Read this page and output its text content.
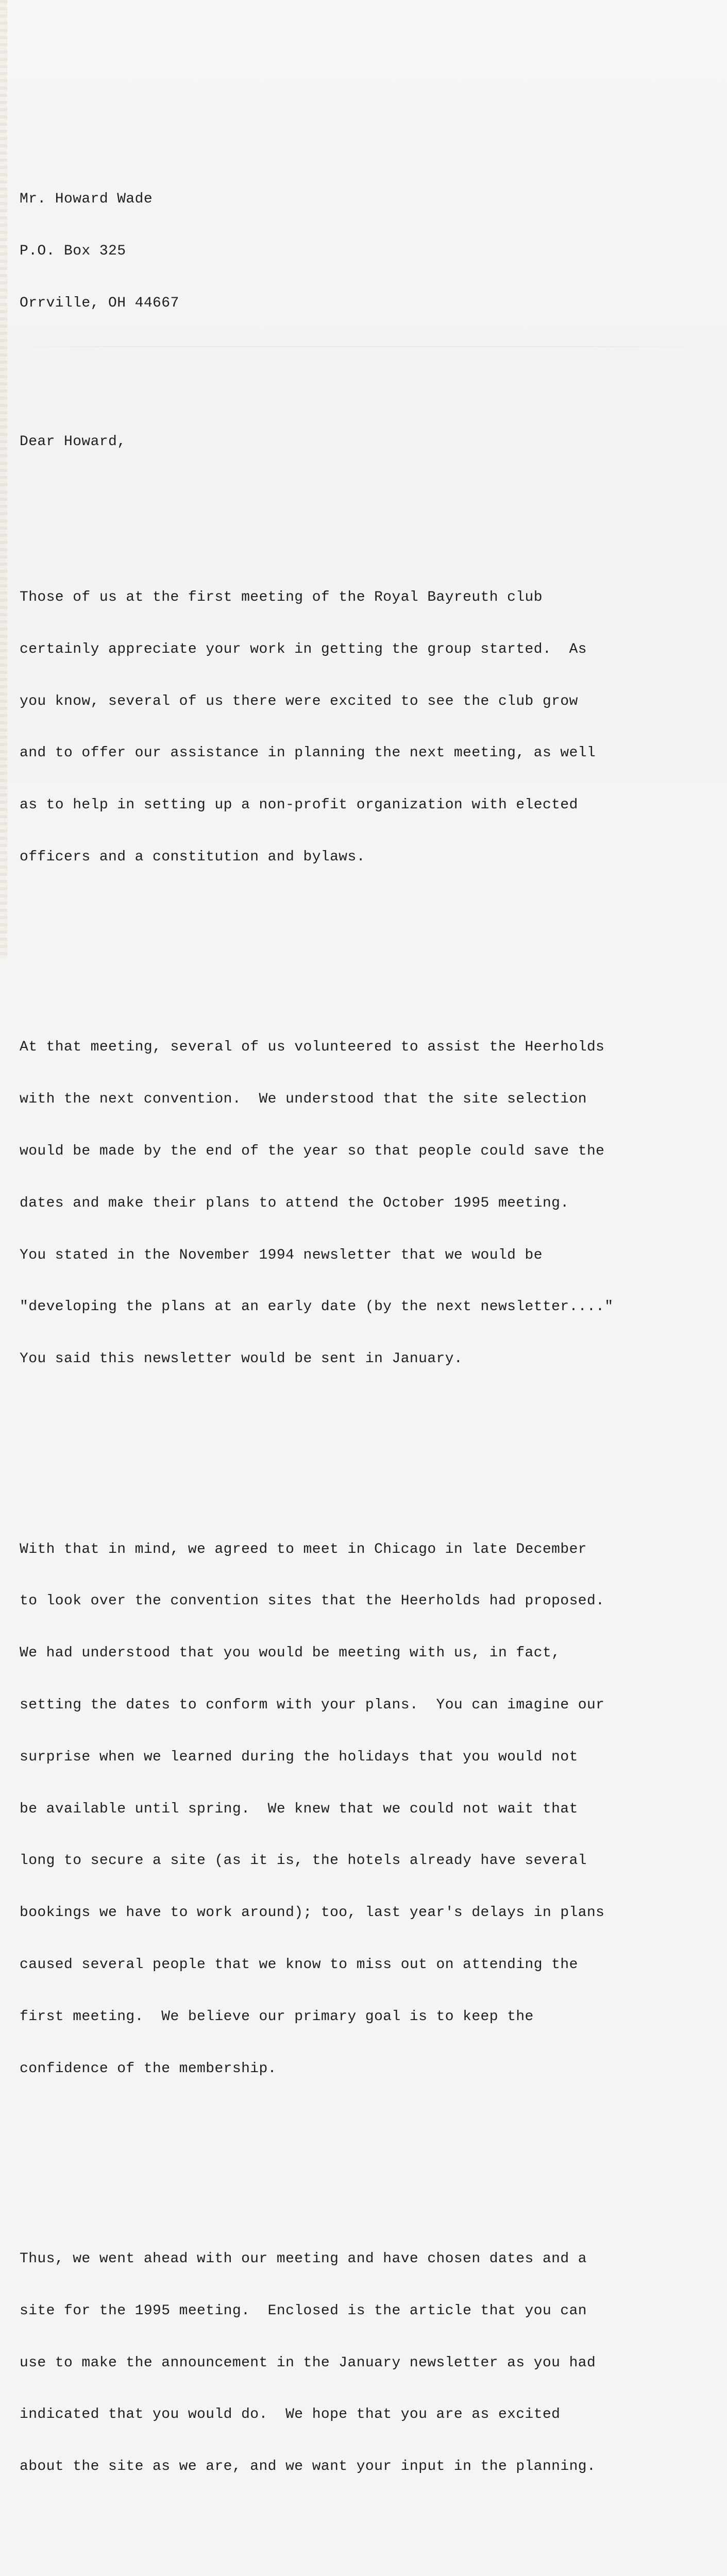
Mr. Howard Wade

P.O. Box 325

Orrville, OH 44667

Dear Howard,

Those of us at the first meeting of the Royal Bayreuth club

certainly appreciate your work in getting the group started.  As

you know, several of us there were excited to see the club grow

and to offer our assistance in planning the next meeting, as well

as to help in setting up a non-profit organization with elected

officers and a constitution and bylaws.

At that meeting, several of us volunteered to assist the Heerholds

with the next convention.  We understood that the site selection

would be made by the end of the year so that people could save the

dates and make their plans to attend the October 1995 meeting.

You stated in the November 1994 newsletter that we would be

"developing the plans at an early date (by the next newsletter...."

You said this newsletter would be sent in January.

With that in mind, we agreed to meet in Chicago in late December

to look over the convention sites that the Heerholds had proposed.

We had understood that you would be meeting with us, in fact,

setting the dates to conform with your plans.  You can imagine our

surprise when we learned during the holidays that you would not

be available until spring.  We knew that we could not wait that

long to secure a site (as it is, the hotels already have several

bookings we have to work around); too, last year's delays in plans

caused several people that we know to miss out on attending the

first meeting.  We believe our primary goal is to keep the

confidence of the membership.

Thus, we went ahead with our meeting and have chosen dates and a

site for the 1995 meeting.  Enclosed is the article that you can

use to make the announcement in the January newsletter as you had

indicated that you would do.  We hope that you are as excited

about the site as we are, and we want your input in the planning.
